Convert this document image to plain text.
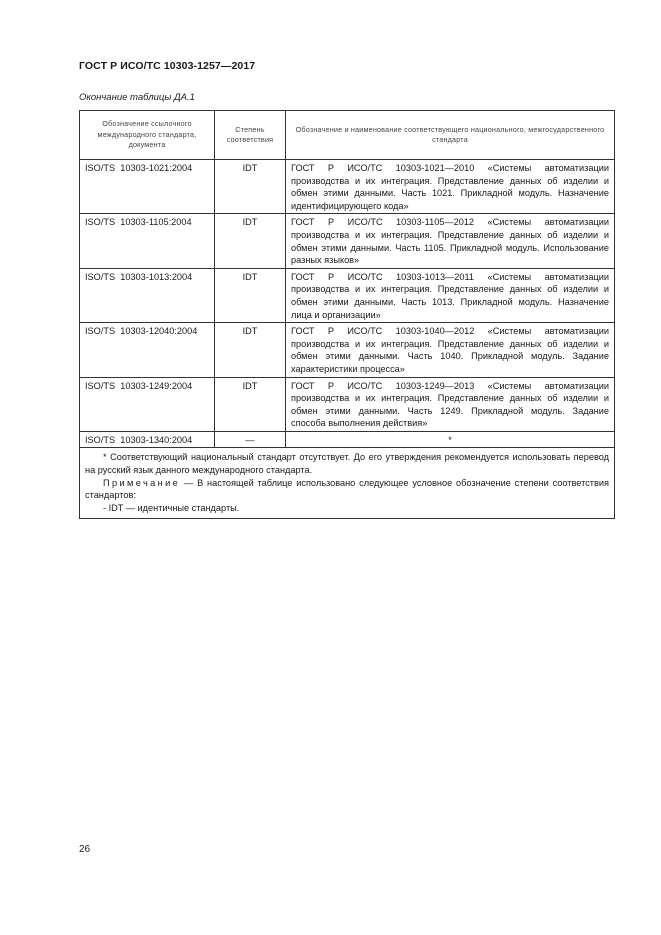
ГОСТ Р ИСО/ТС 10303-1257—2017
Окончание таблицы ДА.1
Обозначение ссылочного международного стандарта, документа	Степень соответствия	Обозначение и наименование соответствующего национального, межгосударственного стандарта
ISO/TS  10303-1021:2004	IDT	ГОСТ Р ИСО/ТС 10303-1021—2010 «Системы автоматизации производства и их интеграция. Представление данных об изделии и обмен этими данными. Часть 1021. Прикладной модуль. Назначение идентифицирующего кода»
ISO/TS  10303-1105:2004	IDT	ГОСТ Р ИСО/ТС 10303-1105—2012 «Системы автоматизации производства и их интеграция. Представление данных об изделии и обмен этими данными. Часть 1105. Прикладной модуль. Использование разных языков»
ISO/TS  10303-1013:2004	IDT	ГОСТ Р ИСО/ТС 10303-1013—2011 «Системы автоматизации производства и их интеграция. Представление данных об изделии и обмен этими данными. Часть 1013. Прикладной модуль. Назначение лица и организации»
ISO/TS  10303-12040:2004	IDT	ГОСТ Р ИСО/ТС 10303-1040—2012 «Системы автоматизации производства и их интеграция. Представление данных об изделии и обмен этими данными. Часть 1040. Прикладной модуль. Задание характеристики процесса»
ISO/TS  10303-1249:2004	IDT	ГОСТ Р ИСО/ТС 10303-1249—2013 «Системы автоматизации производства и их интеграция. Представление данных об изделии и обмен этими данными. Часть 1249. Прикладной модуль. Задание способа выполнения действия»
ISO/TS  10303-1340:2004	—	*

* Соответствующий национальный стандарт отсутствует. До его утверждения рекомендуется использовать перевод на русский язык данного международного стандарта.

Примечание — В настоящей таблице использовано следующее условное обозначение степени соответствия стандартов:

- IDT — идентичные стандарты.		

26
